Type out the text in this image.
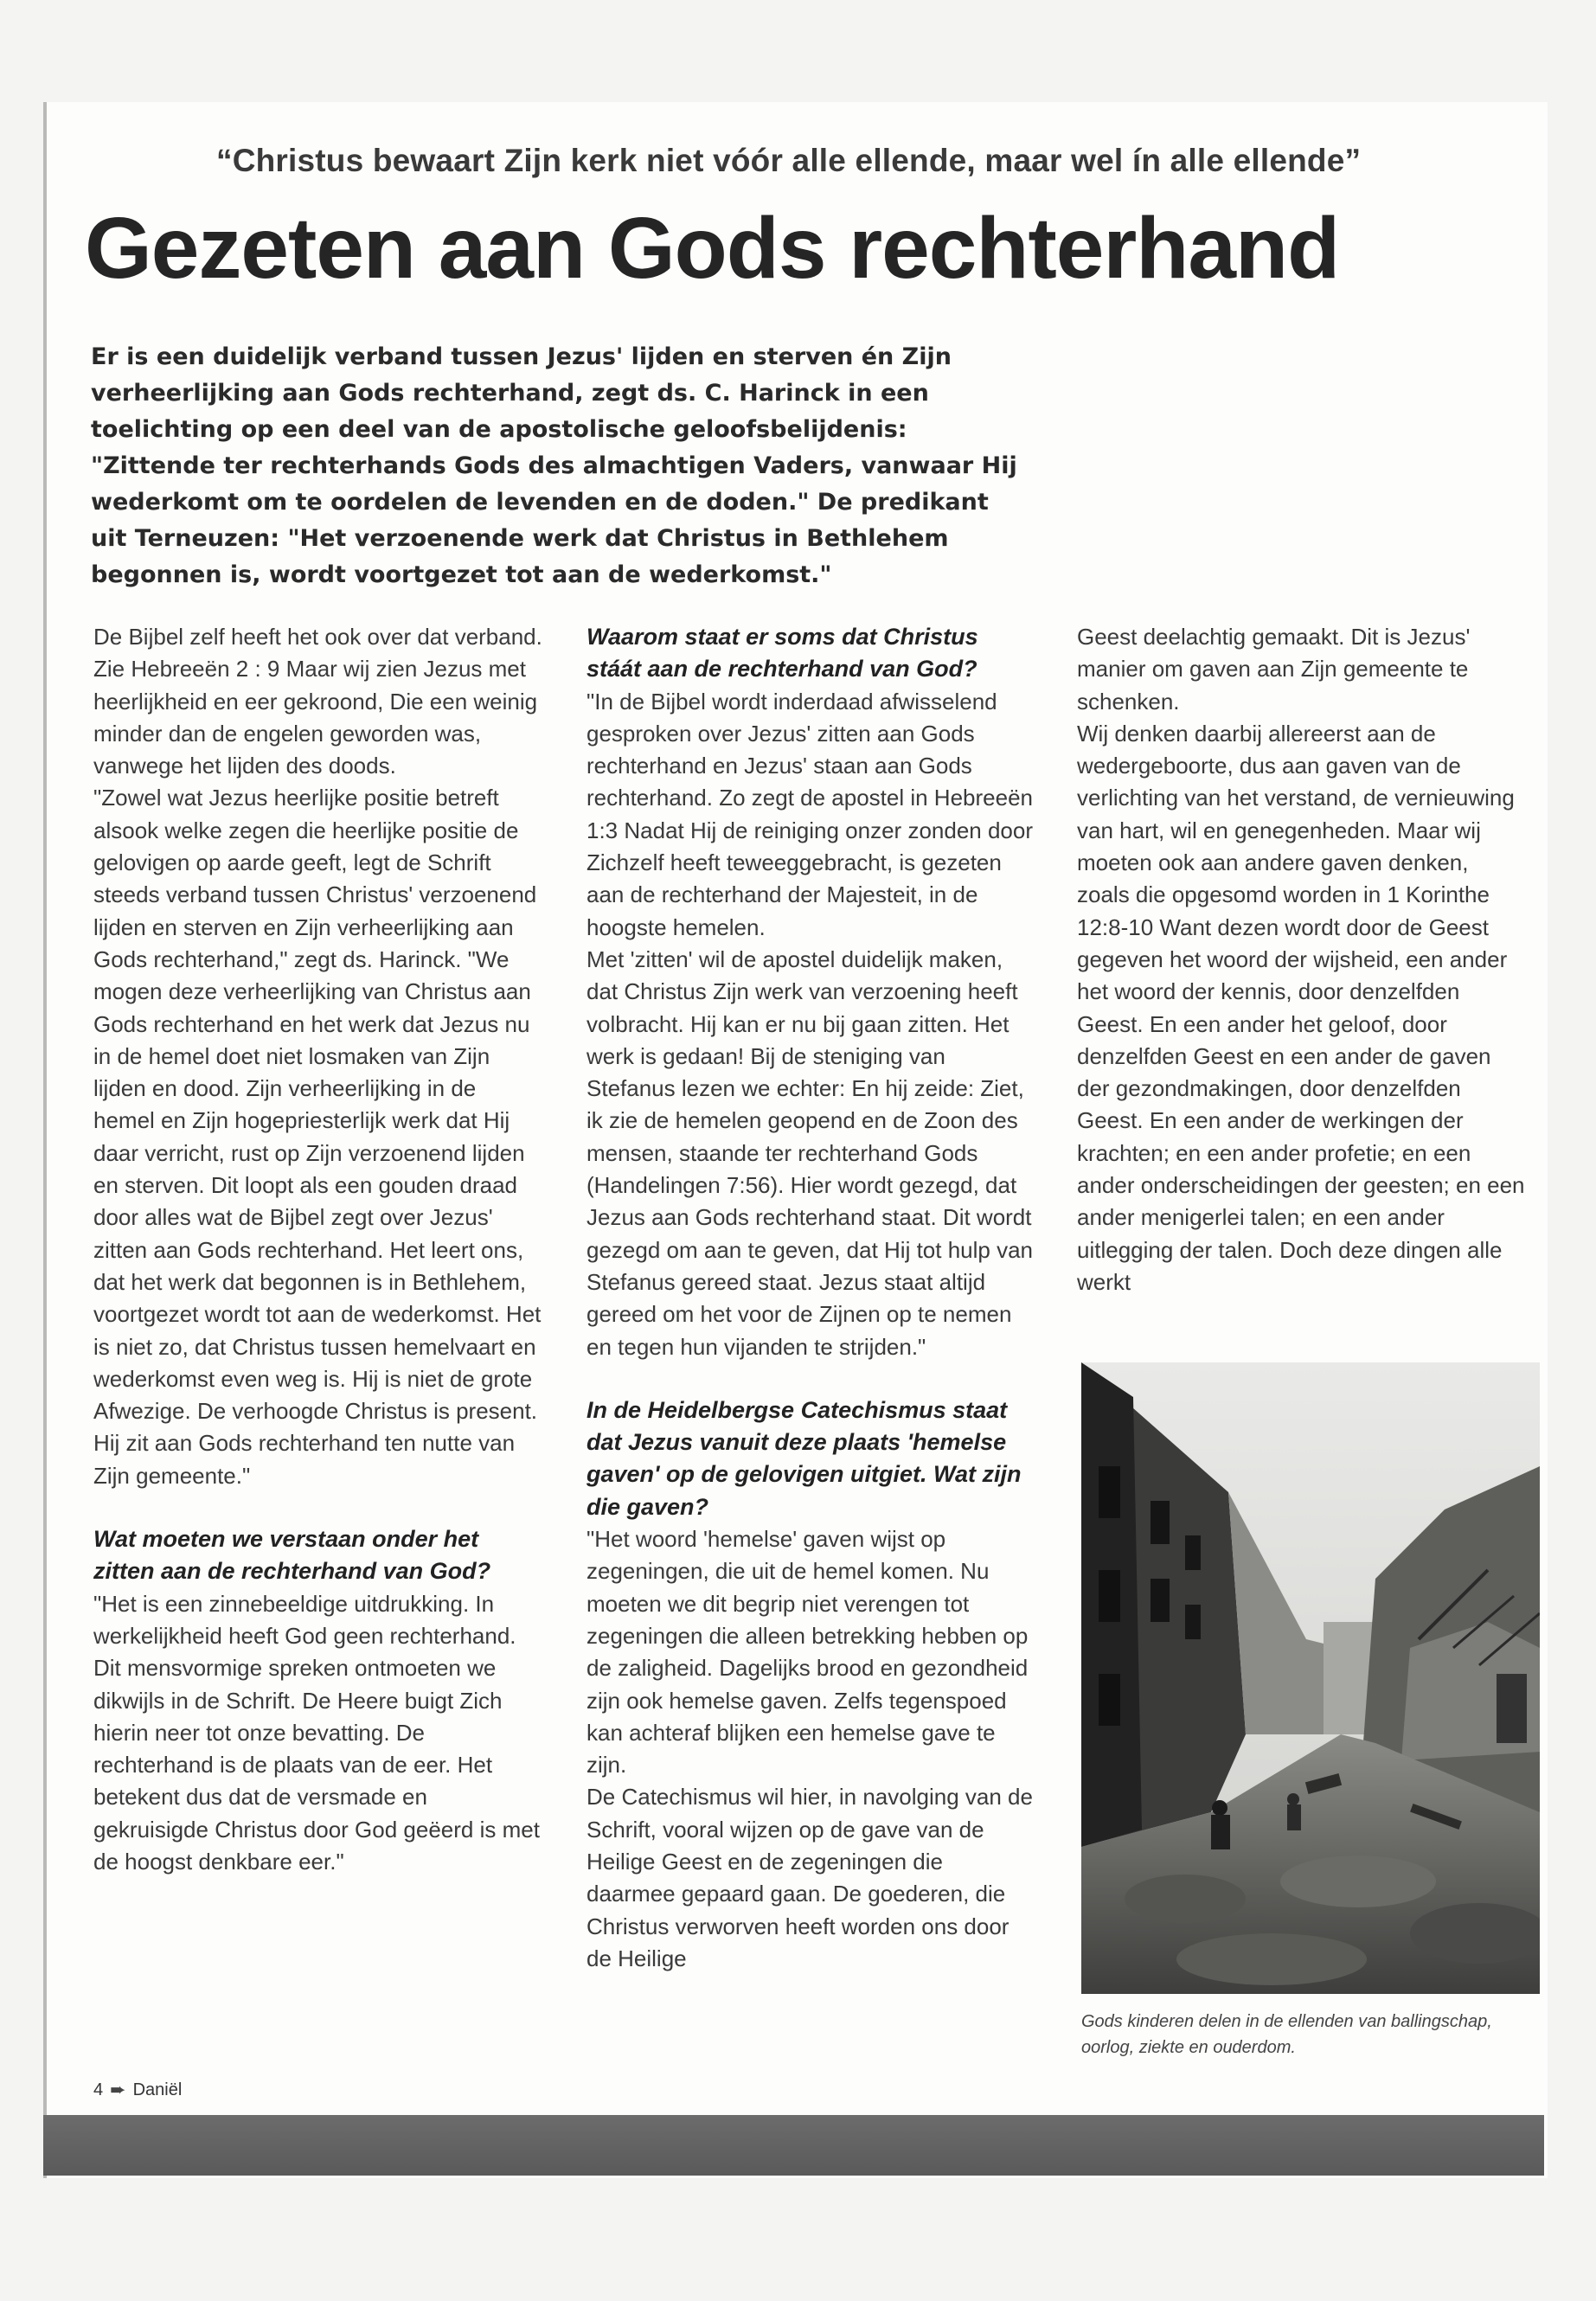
“Christus bewaart Zijn kerk niet vóór alle ellende, maar wel ín alle ellende”
Gezeten aan Gods rechterhand

Er is een duidelijk verband tussen Jezus' lijden en sterven én Zijn verheerlijking aan Gods rechterhand, zegt ds. C. Harinck in een toelichting op een deel van de apostolische geloofsbelijdenis: "Zittende ter rechterhands Gods des almachtigen Vaders, vanwaar Hij wederkomt om te oordelen de levenden en de doden." De predikant uit Terneuzen: "Het verzoenende werk dat Christus in Bethlehem begonnen is, wordt voortgezet tot aan de wederkomst."

De Bijbel zelf heeft het ook over dat verband. Zie Hebreeën 2 : 9 Maar wij zien Jezus met heerlijkheid en eer gekroond, Die een weinig minder dan de engelen geworden was, vanwege het lijden des doods.

"Zowel wat Jezus heerlijke positie betreft alsook welke zegen die heerlijke positie de gelovigen op aarde geeft, legt de Schrift steeds verband tussen Christus' verzoenend lijden en sterven en Zijn verheerlijking aan Gods rechterhand," zegt ds. Harinck. "We mogen deze verheerlijking van Christus aan Gods rechterhand en het werk dat Jezus nu in de hemel doet niet losmaken van Zijn lijden en dood. Zijn verheerlijking in de hemel en Zijn hogepriesterlijk werk dat Hij daar verricht, rust op Zijn verzoenend lijden en sterven. Dit loopt als een gouden draad door alles wat de Bijbel zegt over Jezus' zitten aan Gods rechterhand. Het leert ons, dat het werk dat begonnen is in Bethlehem, voortgezet wordt tot aan de wederkomst. Het is niet zo, dat Christus tussen hemelvaart en wederkomst even weg is. Hij is niet de grote Afwezige. De verhoogde Christus is present. Hij zit aan Gods rechterhand ten nutte van Zijn gemeente."

Wat moeten we verstaan onder het zitten aan de rechterhand van God?

"Het is een zinnebeeldige uitdrukking. In werkelijkheid heeft God geen rechterhand. Dit mensvormige spreken ontmoeten we dikwijls in de Schrift. De Heere buigt Zich hierin neer tot onze bevatting. De rechterhand is de plaats van de eer. Het betekent dus dat de versmade en gekruisigde Christus door God geëerd is met de hoogst denkbare eer."

Waarom staat er soms dat Christus stáát aan de rechterhand van God?

"In de Bijbel wordt inderdaad afwisselend gesproken over Jezus' zitten aan Gods rechterhand en Jezus' staan aan Gods rechterhand. Zo zegt de apostel in Hebreeën 1:3 Nadat Hij de reiniging onzer zonden door Zichzelf heeft teweeggebracht, is gezeten aan de rechterhand der Majesteit, in de hoogste hemelen.

Met 'zitten' wil de apostel duidelijk maken, dat Christus Zijn werk van verzoening heeft volbracht. Hij kan er nu bij gaan zitten. Het werk is gedaan! Bij de steniging van Stefanus lezen we echter: En hij zeide: Ziet, ik zie de hemelen geopend en de Zoon des mensen, staande ter rechterhand Gods (Handelingen 7:56). Hier wordt gezegd, dat Jezus aan Gods rechterhand staat. Dit wordt gezegd om aan te geven, dat Hij tot hulp van Stefanus gereed staat. Jezus staat altijd gereed om het voor de Zijnen op te nemen en tegen hun vijanden te strijden."

In de Heidelbergse Catechismus staat dat Jezus vanuit deze plaats 'hemelse gaven' op de gelovigen uitgiet. Wat zijn die gaven?

"Het woord 'hemelse' gaven wijst op zegeningen, die uit de hemel komen. Nu moeten we dit begrip niet verengen tot zegeningen die alleen betrekking hebben op de zaligheid. Dagelijks brood en gezondheid zijn ook hemelse gaven. Zelfs tegenspoed kan achteraf blijken een hemelse gave te zijn.

De Catechismus wil hier, in navolging van de Schrift, vooral wijzen op de gave van de Heilige Geest en de zegeningen die daarmee gepaard gaan. De goederen, die Christus verworven heeft worden ons door de Heilige

Geest deelachtig gemaakt. Dit is Jezus' manier om gaven aan Zijn gemeente te schenken.

Wij denken daarbij allereerst aan de wedergeboorte, dus aan gaven van de verlichting van het verstand, de vernieuwing van hart, wil en genegenheden. Maar wij moeten ook aan andere gaven denken, zoals die opgesomd worden in 1 Korinthe 12:8-10 Want dezen wordt door de Geest gegeven het woord der wijsheid, een ander het woord der kennis, door denzelfden Geest. En een ander het geloof, door denzelfden Geest en een ander de gaven der gezondmakingen, door denzelfden Geest. En een ander de werkingen der krachten; en een ander profetie; en een ander onderscheidingen der geesten; en een ander menigerlei talen; en een ander uitlegging der talen. Doch deze dingen alle werkt

Gods kinderen delen in de ellenden van ballingschap, oorlog, ziekte en ouderdom.
4 ➨ Daniël
